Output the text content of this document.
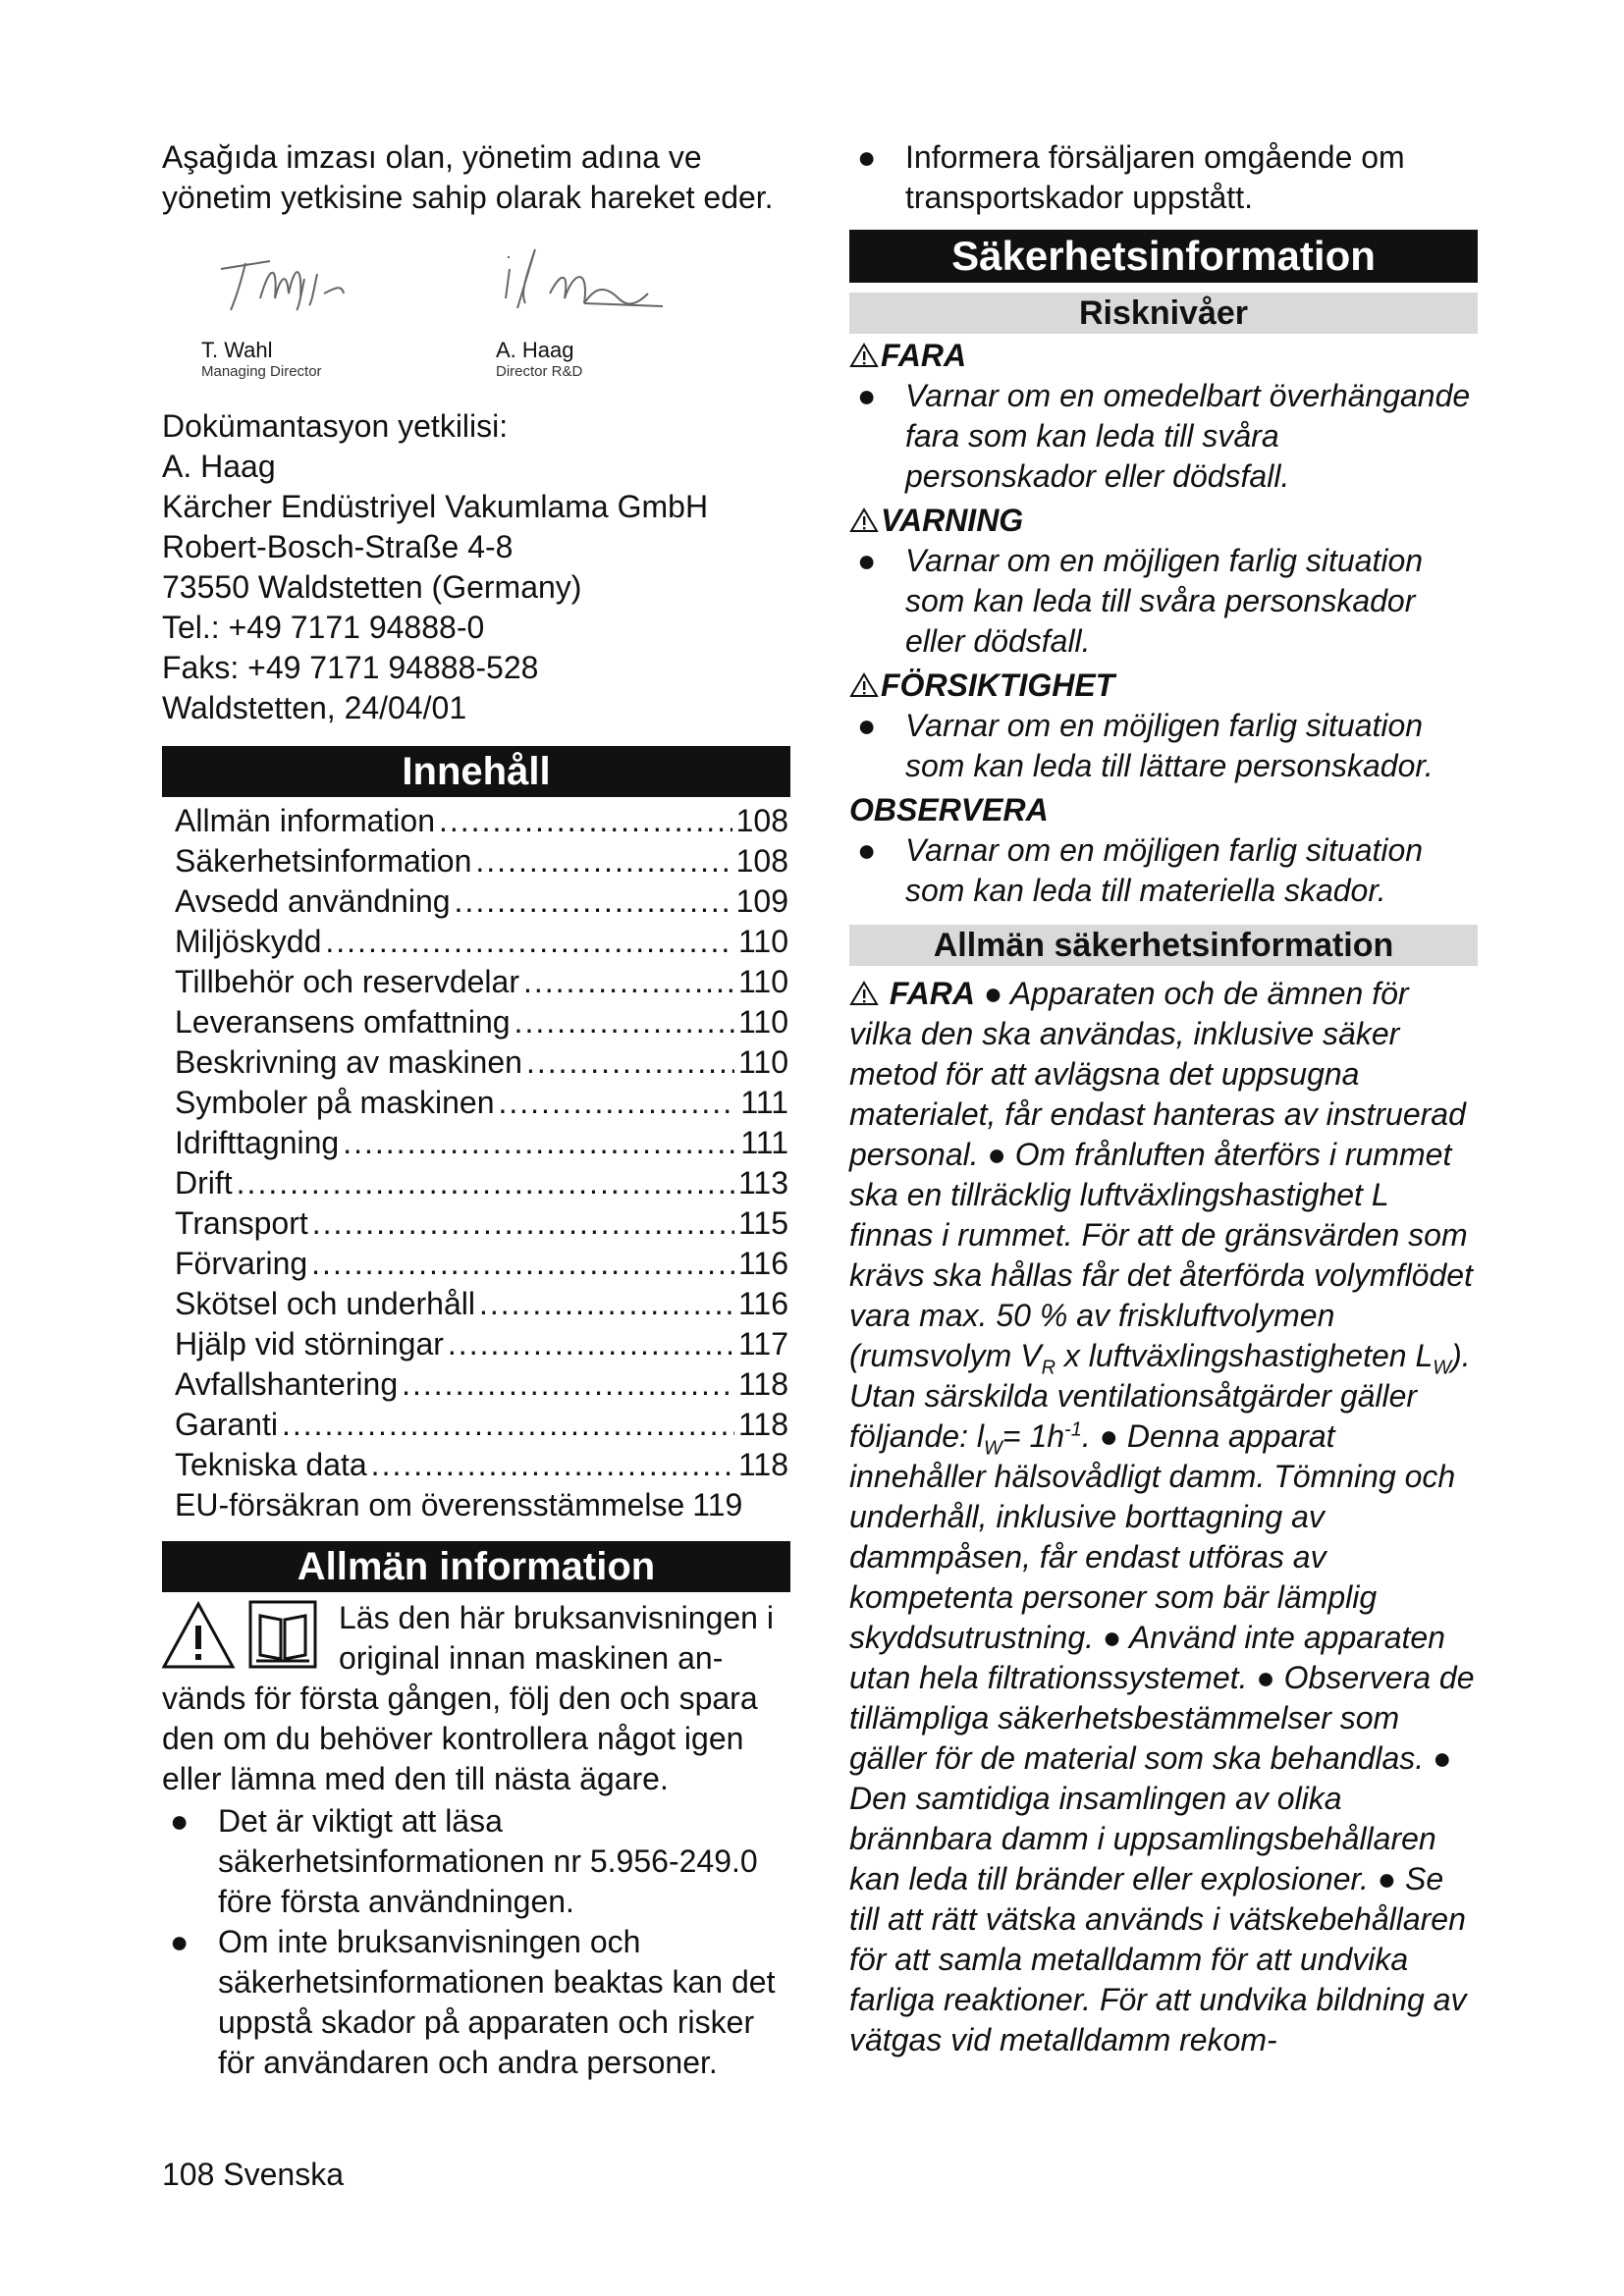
Aşağıda imzası olan, yönetim adına ve yönetim yetkisine sahip olarak hareket eder.

T. Wahl
Managing Director
A. Haag
Director R&D

Dokümantasyon yetkilisi:

A. Haag

Kärcher Endüstriyel Vakumlama GmbH

Robert-Bosch-Straße 4-8

73550 Waldstetten (Germany)

Tel.: +49 7171 94888-0

Faks: +49 7171 94888-528

Waldstetten, 24/04/01

Innehåll
Allmän information .....	108
Säkerhetsinformation .....	108
Avsedd användning .....	109
Miljöskydd .....	110
Tillbehör och reservdelar .....	110
Leveransens omfattning .....	110
Beskrivning av maskinen .....	110
Symboler på maskinen .....	111
Idrifttagning .....	111
Drift .....	113
Transport .....	115
Förvaring .....	116
Skötsel och underhåll .....	116
Hjälp vid störningar .....	117
Avfallshantering .....	118
Garanti .....	118
Tekniska data .....	118
EU-försäkran om överensstämmelse 119
Allmän information

Läs den här bruksanvisningen i

original innan maskinen an-

vänds för första gången, följ den och spara den om du behöver kontrollera något igen eller lämna med den till nästa ägare.

● Det är viktigt att läsa säkerhetsinformationen nr 5.956-249.0 före första användningen.
● Om inte bruksanvisningen och säkerhetsinformationen beaktas kan det uppstå skador på apparaten och risker för användaren och andra personer.
● Informera försäljaren omgående om transportskador uppstått.
Säkerhetsinformation
Risknivåer
FARA
● Varnar om en omedelbart överhängande fara som kan leda till svåra personskador eller dödsfall.
VARNING
● Varnar om en möjligen farlig situation som kan leda till svåra personskador eller dödsfall.
FÖRSIKTIGHET
● Varnar om en möjligen farlig situation som kan leda till lättare personskador.
OBSERVERA
● Varnar om en möjligen farlig situation som kan leda till materiella skador.
Allmän säkerhetsinformation

FARA ● Apparaten och de ämnen för vilka den ska användas, inklusive säker metod för att avlägsna det uppsugna materialet, får endast hanteras av instruerad personal. ● Om frånluften återförs i rummet ska en tillräcklig luftväxlingshastighet L finnas i rummet. För att de gränsvärden som krävs ska hållas får det återförda volymflödet vara max. 50 % av friskluftvolymen (rumsvolym $V_R$ x luftväxlingshastigheten $L_W$). Utan särskilda ventilationsåtgärder gäller följande: $l_W= 1h^{-1}$. ● Denna apparat innehåller hälsovådligt damm. Tömning och underhåll, inklusive borttagning av dammpåsen, får endast utföras av kompetenta personer som bär lämplig skyddsutrustning. ● Använd inte apparaten utan hela filtrationssystemet. ● Observera de tillämpliga säkerhetsbestämmelser som gäller för de material som ska behandlas. ● Den samtidiga insamlingen av olika brännbara damm i uppsamlingsbehållaren kan leda till bränder eller explosioner. ● Se till att rätt vätska används i vätskebehållaren för att samla metalldamm för att undvika farliga reaktioner. För att undvika bildning av vätgas vid metalldamm rekom-

108 Svenska
